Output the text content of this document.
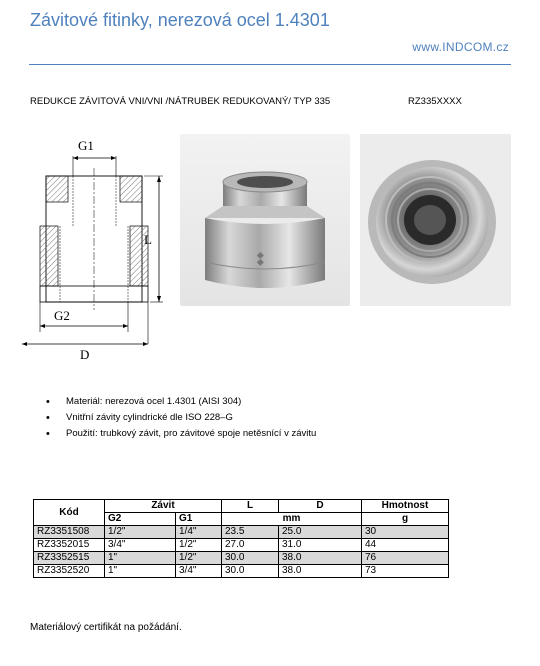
Závitové fitinky, nerezová ocel 1.4301
www.INDCOM.cz
REDUKCE ZÁVITOVÁ VNI/VNI /NÁTRUBEK REDUKOVANÝ/ TYP 335	RZ335XXXX
G1
L
G2
D
◆◆
• Materiál: nerezová ocel 1.4301 (AISI 304)
• Vnitřní závity cylindrické dle ISO 228–G
• Použití: trubkový závit, pro závitové spoje netěsnící v závitu
Kód	Závit		L	D	Hmotnost
	G2	G1	mm		g
RZ3351508	1/2"	1/4"	23.5	25.0	30
RZ3352015	3/4"	1/2"	27.0	31.0	44
RZ3352515	1"	1/2"	30.0	38.0	76
RZ3352520	1"	3/4"	30.0	38.0	73
Materiálový certifikát na požádání.
